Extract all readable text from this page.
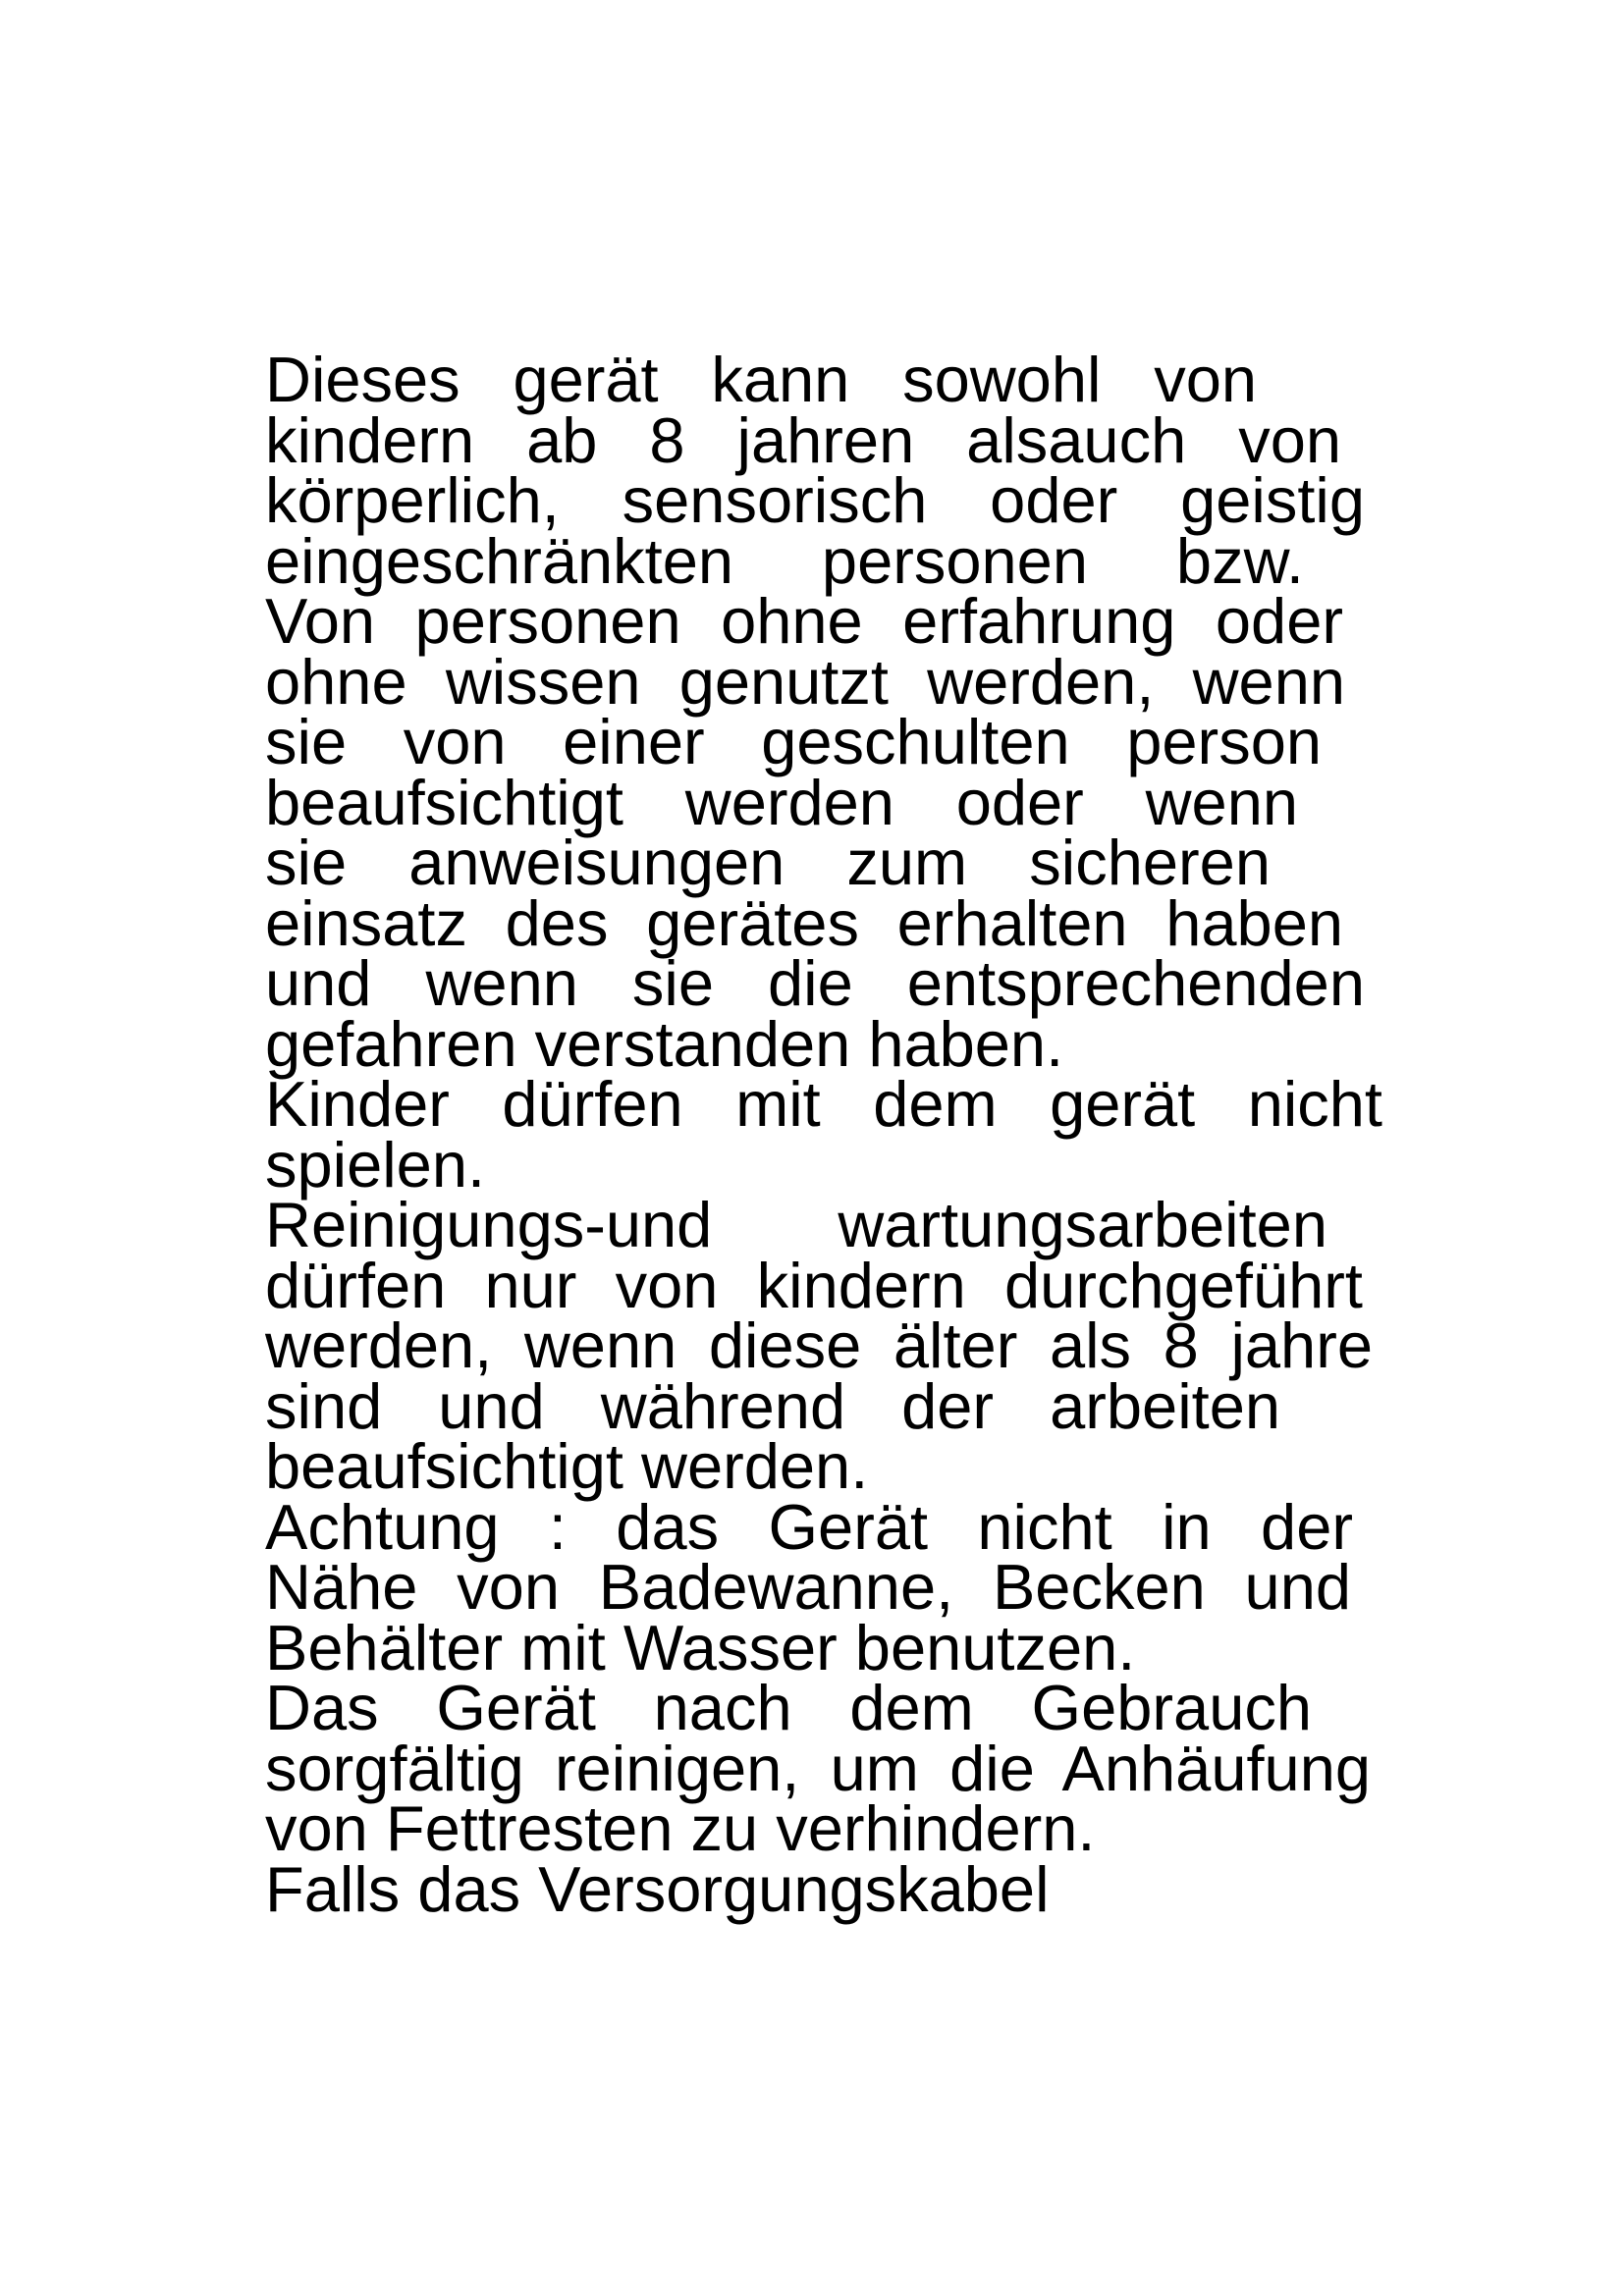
Dieses gerät kann sowohl von
kindern ab 8 jahren alsauch von
körperlich, sensorisch oder geistig
eingeschränkten personen bzw.
Von personen ohne erfahrung oder
ohne wissen genutzt werden, wenn
sie von einer geschulten person
beaufsichtigt werden oder wenn
sie anweisungen zum sicheren
einsatz des gerätes erhalten haben
und wenn sie die entsprechenden
gefahren verstanden haben.
Kinder dürfen mit dem gerät nicht
spielen.
Reinigungs-und wartungsarbeiten
dürfen nur von kindern durchgeführt
werden, wenn diese älter als 8 jahre
sind und während der arbeiten
beaufsichtigt werden.
Achtung : das Gerät nicht in der
Nähe von Badewanne, Becken und
Behälter mit Wasser benutzen.
Das Gerät nach dem Gebrauch
sorgfältig reinigen, um die Anhäufung
von Fettresten zu verhindern.
Falls das Versorgungskabel
